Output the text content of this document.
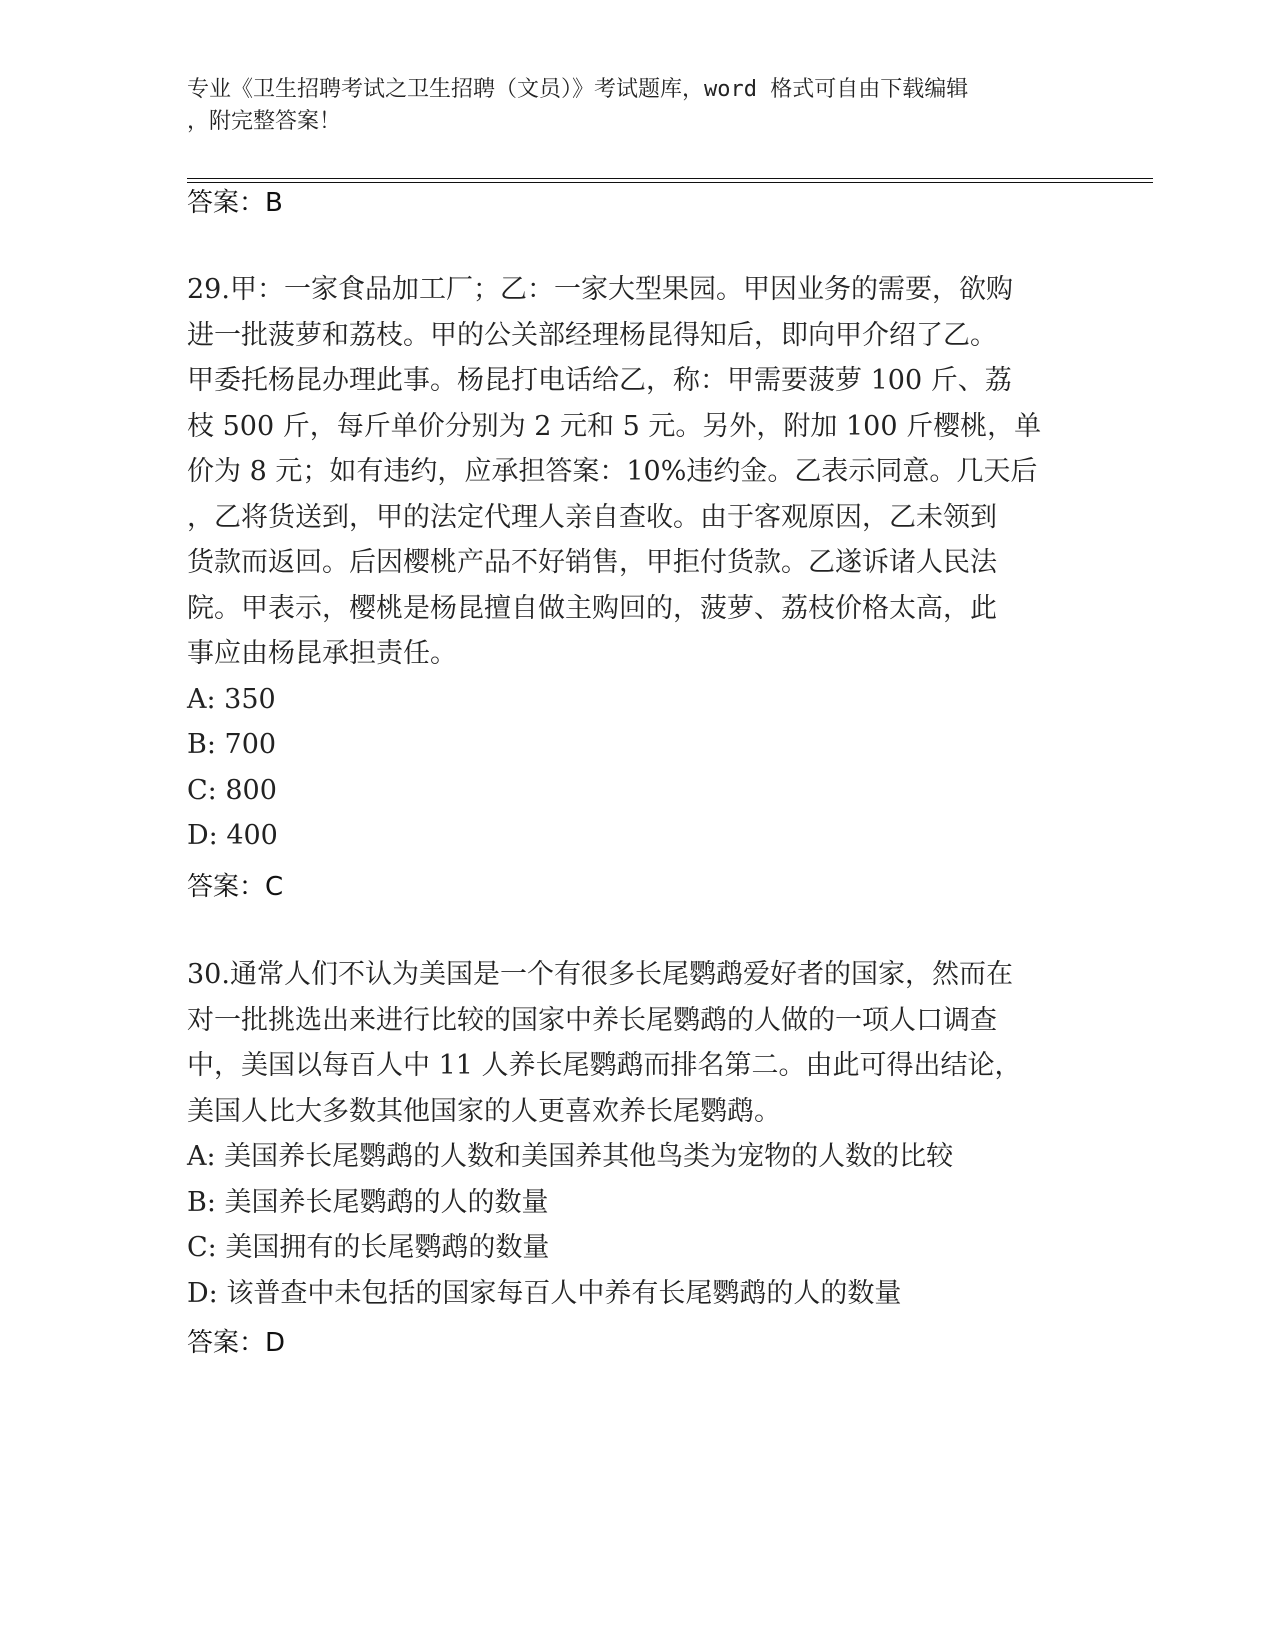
专业《卫生招聘考试之卫生招聘（文员）》考试题库，word 格式可自由下载编辑
，附完整答案！
答案：B
29.甲：一家食品加工厂；乙：一家大型果园。甲因业务的需要，欲购
进一批菠萝和荔枝。甲的公关部经理杨昆得知后，即向甲介绍了乙。
甲委托杨昆办理此事。杨昆打电话给乙，称：甲需要菠萝 100 斤、荔
枝 500 斤，每斤单价分别为 2 元和 5 元。另外，附加 100 斤樱桃，单
价为 8 元；如有违约，应承担答案：10%违约金。乙表示同意。几天后
，乙将货送到，甲的法定代理人亲自查收。由于客观原因，乙未领到
货款而返回。后因樱桃产品不好销售，甲拒付货款。乙遂诉诸人民法
院。甲表示，樱桃是杨昆擅自做主购回的，菠萝、荔枝价格太高，此
事应由杨昆承担责任。
A: 350
B: 700
C: 800
D: 400
答案：C
30.通常人们不认为美国是一个有很多长尾鹦鹉爱好者的国家，然而在
对一批挑选出来进行比较的国家中养长尾鹦鹉的人做的一项人口调查
中，美国以每百人中 11 人养长尾鹦鹉而排名第二。由此可得出结论，
美国人比大多数其他国家的人更喜欢养长尾鹦鹉。
A: 美国养长尾鹦鹉的人数和美国养其他鸟类为宠物的人数的比较
B: 美国养长尾鹦鹉的人的数量
C: 美国拥有的长尾鹦鹉的数量
D: 该普查中未包括的国家每百人中养有长尾鹦鹉的人的数量
答案：D
